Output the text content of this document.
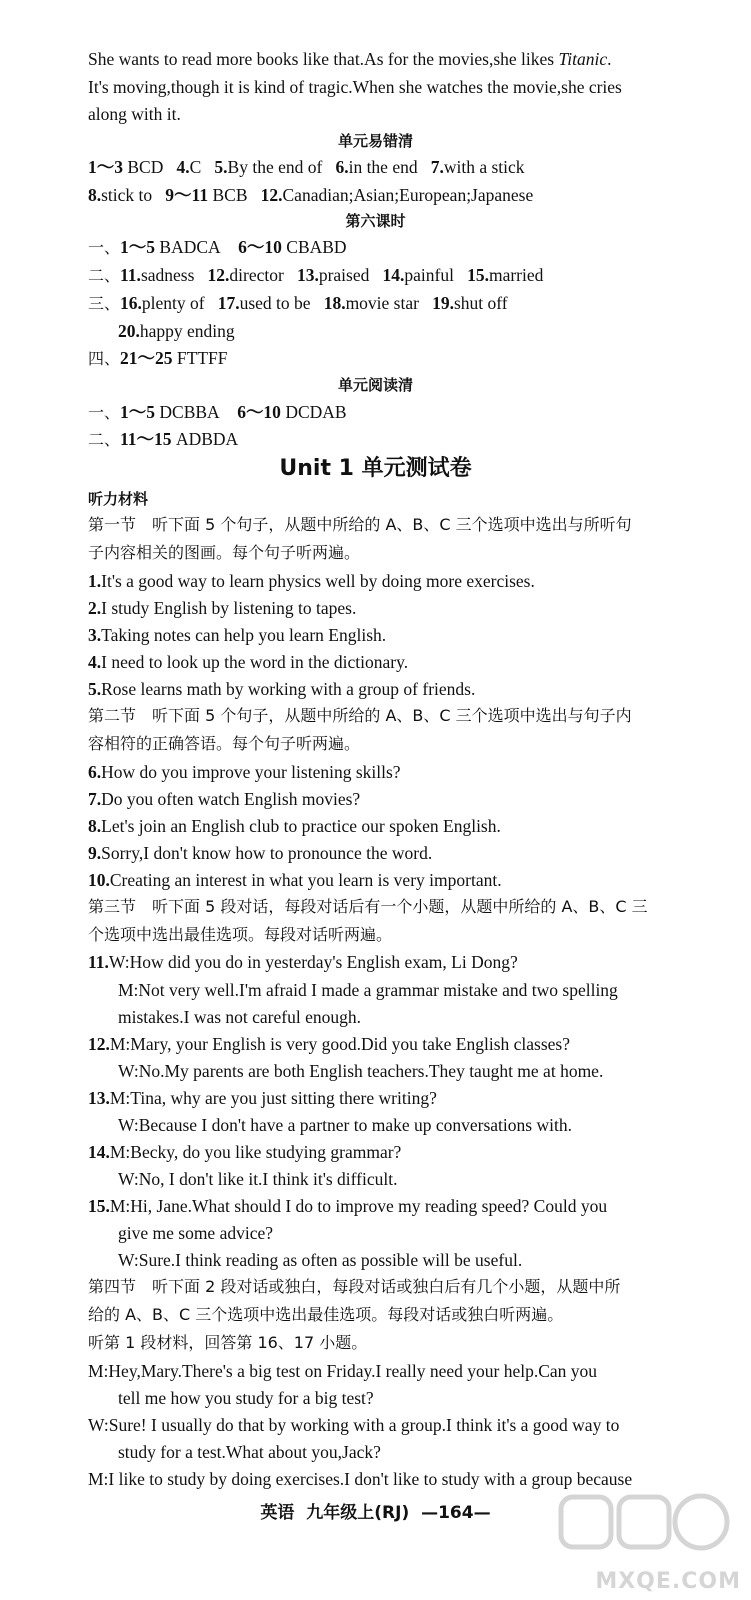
She wants to read more books like that.As for the movies,she likes Titanic.
It's moving,though it is kind of tragic.When she watches the movie,she cries
along with it.
单元易错清
1～3 BCD 4.C 5.By the end of 6.in the end 7.with a stick
8.stick to 9～11 BCB 12.Canadian;Asian;European;Japanese
第六课时
一、1～5 BADCA 6～10 CBABD
二、11.sadness 12.director 13.praised 14.painful 15.married
三、16.plenty of 17.used to be 18.movie star 19.shut off
20.happy ending
四、21～25 FTTFF
单元阅读清
一、1～5 DCBBA 6～10 DCDAB
二、11～15 ADBDA
Unit 1 单元测试卷
听力材料
第一节　听下面 5 个句子，从题中所给的 A、B、C 三个选项中选出与所听句
子内容相关的图画。每个句子听两遍。
1.It's a good way to learn physics well by doing more exercises.
2.I study English by listening to tapes.
3.Taking notes can help you learn English.
4.I need to look up the word in the dictionary.
5.Rose learns math by working with a group of friends.
第二节　听下面 5 个句子，从题中所给的 A、B、C 三个选项中选出与句子内
容相符的正确答语。每个句子听两遍。
6.How do you improve your listening skills?
7.Do you often watch English movies?
8.Let's join an English club to practice our spoken English.
9.Sorry,I don't know how to pronounce the word.
10.Creating an interest in what you learn is very important.
第三节　听下面 5 段对话，每段对话后有一个小题，从题中所给的 A、B、C 三
个选项中选出最佳选项。每段对话听两遍。
11.W:How did you do in yesterday's English exam, Li Dong?
M:Not very well.I'm afraid I made a grammar mistake and two spelling
mistakes.I was not careful enough.
12.M:Mary, your English is very good.Did you take English classes?
W:No.My parents are both English teachers.They taught me at home.
13.M:Tina, why are you just sitting there writing?
W:Because I don't have a partner to make up conversations with.
14.M:Becky, do you like studying grammar?
W:No, I don't like it.I think it's difficult.
15.M:Hi, Jane.What should I do to improve my reading speed? Could you
give me some advice?
W:Sure.I think reading as often as possible will be useful.
第四节　听下面 2 段对话或独白，每段对话或独白后有几个小题，从题中所
给的 A、B、C 三个选项中选出最佳选项。每段对话或独白听两遍。
听第 1 段材料，回答第 16、17 小题。
M:Hey,Mary.There's a big test on Friday.I really need your help.Can you
tell me how you study for a big test?
W:Sure! I usually do that by working with a group.I think it's a good way to
study for a test.What about you,Jack?
M:I like to study by doing exercises.I don't like to study with a group because
英语 九年级上(RJ) —164—
MXQE.COM
